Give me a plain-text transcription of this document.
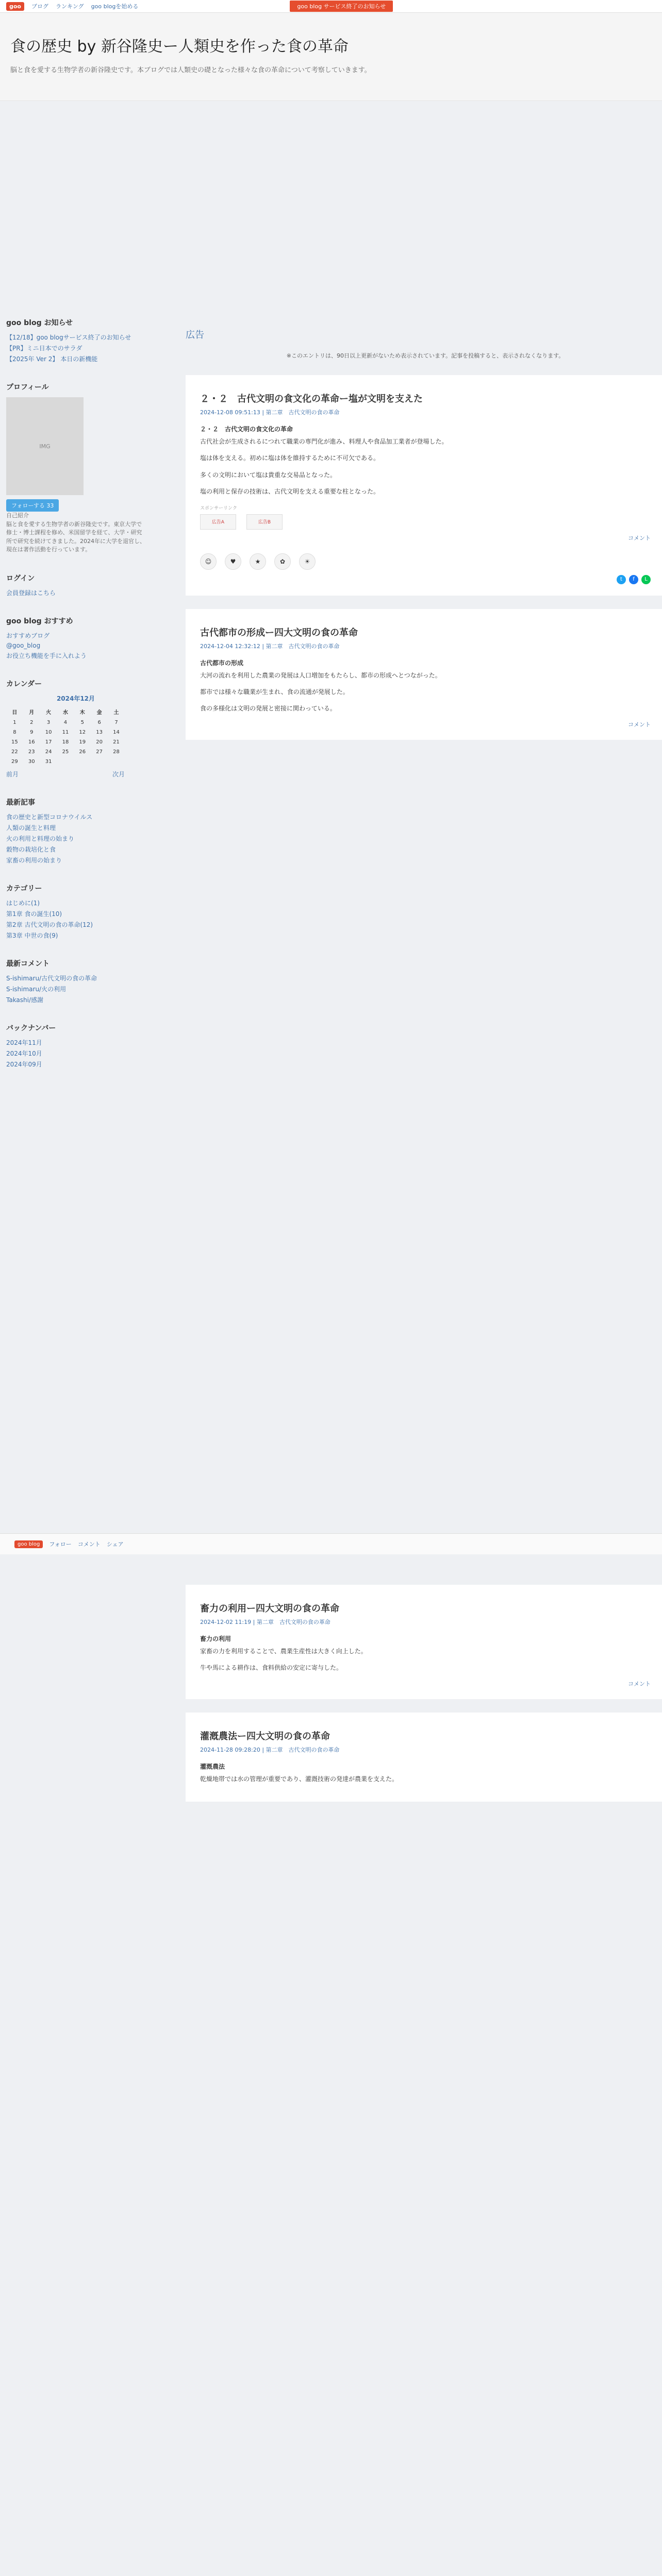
goo	ブログ ランキング goo blogを始める	goo blog サービス終了のお知らせ
食の歴史 by 新谷隆史ー人類史を作った食の革命
脳と食を愛する生物学者の新谷隆史です。本ブログでは人類史の礎となった様々な食の革命について考察していきます。
goo blog お知らせ
【12/18】goo blogサービス終了のお知らせ
【PR】ミニ日本でのサラダ
【2025年 Ver 2】 本日の新機能
プロフィール
IMG
フォローする 33
自己紹介
脳と食を愛する生物学者の新谷隆史です。東京大学で修士・博士課程を修め、米国留学を経て、大学・研究所で研究を続けてきました。2024年に大学を退官し、現在は著作活動を行っています。
ログイン
会員登録はこちら
goo blog おすすめ
おすすめブログ
@goo_blog
お役立ち機能を手に入れよう
カレンダー
2024年12月
日	月	火	水	木	金	土
1	2	3	4	5	6	7
8	9	10	11	12	13	14
15	16	17	18	19	20	21
22	23	24	25	26	27	28
29	30	31				
前月	次月
最新記事
食の歴史と新型コロナウイルス
人類の誕生と料理
火の利用と料理の始まり
穀物の栽培化と食
家畜の利用の始まり
カテゴリー
はじめに(1)
第1章 食の誕生(10)
第2章 古代文明の食の革命(12)
第3章 中世の食(9)
最新コメント
S-ishimaru/古代文明の食の革命
S-ishimaru/火の利用
Takashi/感謝
バックナンバー
2024年11月
2024年10月
2024年09月
広告
※このエントリは、90日以上更新がないため表示されています。記事を投稿すると、表示されなくなります。
２・２　古代文明の食文化の革命ー塩が文明を支えた
2024-12-08 09:51:13 | 第二章　古代文明の食の革命
２・２　古代文明の食文化の革命

古代社会が生成されるにつれて職業の専門化が進み、料理人や食品加工業者が登場した。

塩は体を支える。初めに塩は体を維持するために不可欠である。

多くの文明において塩は貴重な交易品となった。

塩の利用と保存の技術は、古代文明を支える重要な柱となった。

スポンサーリンク
広告A	広告B
コメント
☺	♥	★	✿	☀
t	f	L
古代都市の形成ー四大文明の食の革命
2024-12-04 12:32:12 | 第二章　古代文明の食の革命
古代都市の形成

大河の流れを利用した農業の発展は人口増加をもたらし、都市の形成へとつながった。

都市では様々な職業が生まれ、食の流通が発展した。

食の多様化は文明の発展と密接に関わっている。

コメント
goo blog	フォロー コメント シェア
畜力の利用ー四大文明の食の革命
2024-12-02 11:19 | 第二章　古代文明の食の革命
畜力の利用

家畜の力を利用することで、農業生産性は大きく向上した。

牛や馬による耕作は、食料供給の安定に寄与した。

コメント
灌漑農法ー四大文明の食の革命
2024-11-28 09:28:20 | 第二章　古代文明の食の革命
灌漑農法

乾燥地帯では水の管理が重要であり、灌漑技術の発達が農業を支えた。
